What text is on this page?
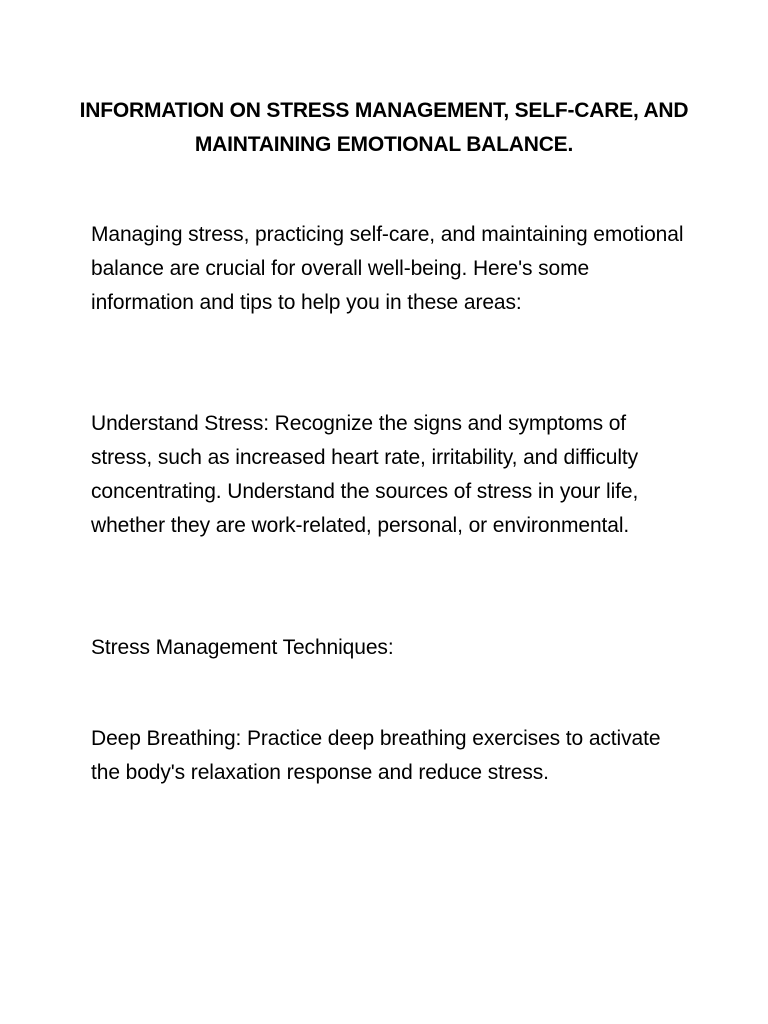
INFORMATION ON STRESS MANAGEMENT, SELF-CARE, AND MAINTAINING EMOTIONAL BALANCE.

Managing stress, practicing self-care, and maintaining emotional balance are crucial for overall well-being. Here's some information and tips to help you in these areas:

Understand Stress: Recognize the signs and symptoms of stress, such as increased heart rate, irritability, and difficulty concentrating. Understand the sources of stress in your life, whether they are work-related, personal, or environmental.

Stress Management Techniques:

Deep Breathing: Practice deep breathing exercises to activate the body's relaxation response and reduce stress.
